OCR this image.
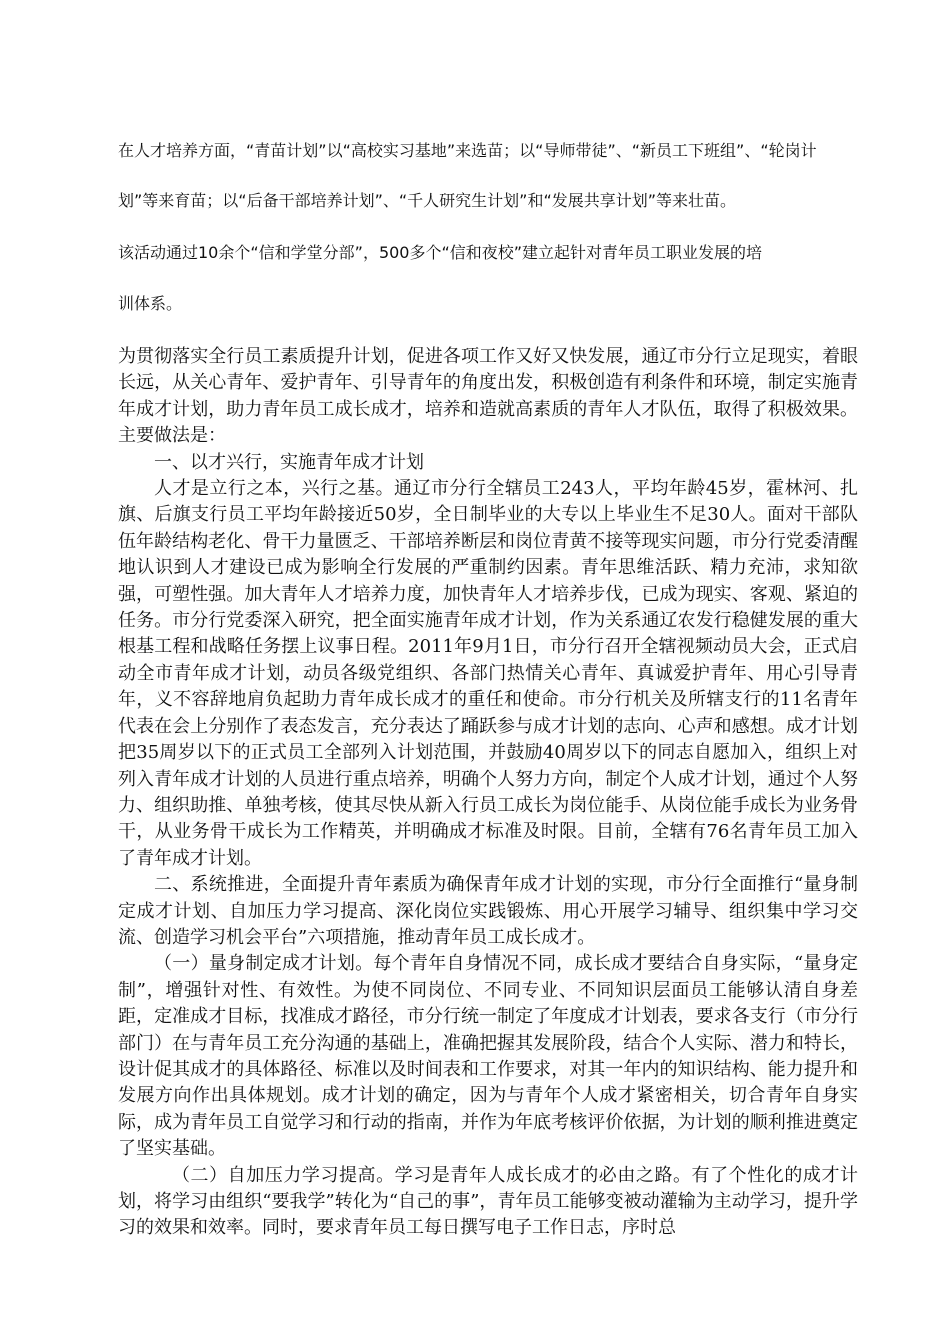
在人才培养方面，“青苗计划”以“高校实习基地”来选苗；以“导师带徒”、“新员工下班组”、“轮岗计
划”等来育苗；以“后备干部培养计划”、“千人研究生计划”和“发展共享计划”等来壮苗。
该活动通过10余个“信和学堂分部”，500多个“信和夜校”建立起针对青年员工职业发展的培
训体系。

为贯彻落实全行员工素质提升计划，促进各项工作又好又快发展，通辽市分行立足现实，着眼长远，从关心青年、爱护青年、引导青年的角度出发，积极创造有利条件和环境，制定实施青年成才计划，助力青年员工成长成才，培养和造就高素质的青年人才队伍，取得了积极效果。主要做法是：

一、以才兴行，实施青年成才计划

人才是立行之本，兴行之基。通辽市分行全辖员工243人，平均年龄45岁，霍林河、扎旗、后旗支行员工平均年龄接近50岁，全日制毕业的大专以上毕业生不足30人。面对干部队伍年龄结构老化、骨干力量匮乏、干部培养断层和岗位青黄不接等现实问题，市分行党委清醒地认识到人才建设已成为影响全行发展的严重制约因素。青年思维活跃、精力充沛，求知欲强，可塑性强。加大青年人才培养力度，加快青年人才培养步伐，已成为现实、客观、紧迫的任务。市分行党委深入研究，把全面实施青年成才计划，作为关系通辽农发行稳健发展的重大根基工程和战略任务摆上议事日程。2011年9月1日，市分行召开全辖视频动员大会，正式启动全市青年成才计划，动员各级党组织、各部门热情关心青年、真诚爱护青年、用心引导青年，义不容辞地肩负起助力青年成长成才的重任和使命。市分行机关及所辖支行的11名青年代表在会上分别作了表态发言，充分表达了踊跃参与成才计划的志向、心声和感想。成才计划把35周岁以下的正式员工全部列入计划范围，并鼓励40周岁以下的同志自愿加入，组织上对列入青年成才计划的人员进行重点培养，明确个人努力方向，制定个人成才计划，通过个人努力、组织助推、单独考核，使其尽快从新入行员工成长为岗位能手、从岗位能手成长为业务骨干，从业务骨干成长为工作精英，并明确成才标准及时限。目前，全辖有76名青年员工加入了青年成才计划。

二、系统推进，全面提升青年素质为确保青年成才计划的实现，市分行全面推行“量身制定成才计划、自加压力学习提高、深化岗位实践锻炼、用心开展学习辅导、组织集中学习交流、创造学习机会平台”六项措施，推动青年员工成长成才。

（一）量身制定成才计划。每个青年自身情况不同，成长成才要结合自身实际，“量身定制”，增强针对性、有效性。为使不同岗位、不同专业、不同知识层面员工能够认清自身差距，定准成才目标，找准成才路径，市分行统一制定了年度成才计划表，要求各支行（市分行部门）在与青年员工充分沟通的基础上，准确把握其发展阶段，结合个人实际、潜力和特长，设计促其成才的具体路径、标准以及时间表和工作要求，对其一年内的知识结构、能力提升和发展方向作出具体规划。成才计划的确定，因为与青年个人成才紧密相关，切合青年自身实际，成为青年员工自觉学习和行动的指南，并作为年底考核评价依据，为计划的顺利推进奠定了坚实基础。

（二）自加压力学习提高。学习是青年人成长成才的必由之路。有了个性化的成才计划，将学习由组织“要我学”转化为“自己的事”，青年员工能够变被动灌输为主动学习，提升学习的效果和效率。同时，要求青年员工每日撰写电子工作日志，序时总
